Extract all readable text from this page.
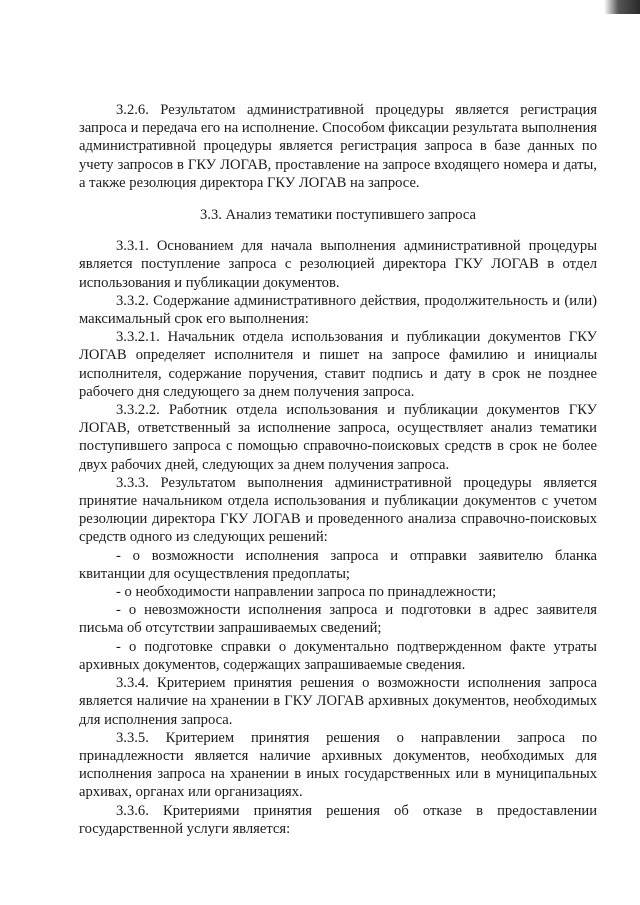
3.2.6. Результатом административной процедуры является регистрация запроса и передача его на исполнение. Способом фиксации результата выполнения административной процедуры является регистрация запроса в базе данных по учету запросов в ГКУ ЛОГАВ, проставление на запросе входящего номера и даты, а также резолюция директора ГКУ ЛОГАВ на запросе.

3.3. Анализ тематики поступившего запроса

3.3.1. Основанием для начала выполнения административной процедуры является поступление запроса с резолюцией директора ГКУ ЛОГАВ в отдел использования и публикации документов.

3.3.2. Содержание административного действия, продолжительность и (или) максимальный срок его выполнения:

3.3.2.1. Начальник отдела использования и публикации документов ГКУ ЛОГАВ определяет исполнителя и пишет на запросе фамилию и инициалы исполнителя, содержание поручения, ставит подпись и дату в срок не позднее рабочего дня следующего за днем получения запроса.

3.3.2.2. Работник отдела использования и публикации документов ГКУ ЛОГАВ, ответственный за исполнение запроса, осуществляет анализ тематики поступившего запроса с помощью справочно-поисковых средств в срок не более двух рабочих дней, следующих за днем получения запроса.

3.3.3. Результатом выполнения административной процедуры является принятие начальником отдела использования и публикации документов с учетом резолюции директора ГКУ ЛОГАВ и проведенного анализа справочно-поисковых средств одного из следующих решений:

- о возможности исполнения запроса и отправки заявителю бланка квитанции для осуществления предоплаты;

- о необходимости направлении запроса по принадлежности;

- о невозможности исполнения запроса и подготовки в адрес заявителя письма об отсутствии запрашиваемых сведений;

- о подготовке справки о документально подтвержденном факте утраты архивных документов, содержащих запрашиваемые сведения.

3.3.4. Критерием принятия решения о возможности исполнения запроса является наличие на хранении в ГКУ ЛОГАВ архивных документов, необходимых для исполнения запроса.

3.3.5. Критерием принятия решения о направлении запроса по принадлежности является наличие архивных документов, необходимых для исполнения запроса на хранении в иных государственных или в муниципальных архивах, органах или организациях.

3.3.6. Критериями принятия решения об отказе в предоставлении государственной услуги является:
